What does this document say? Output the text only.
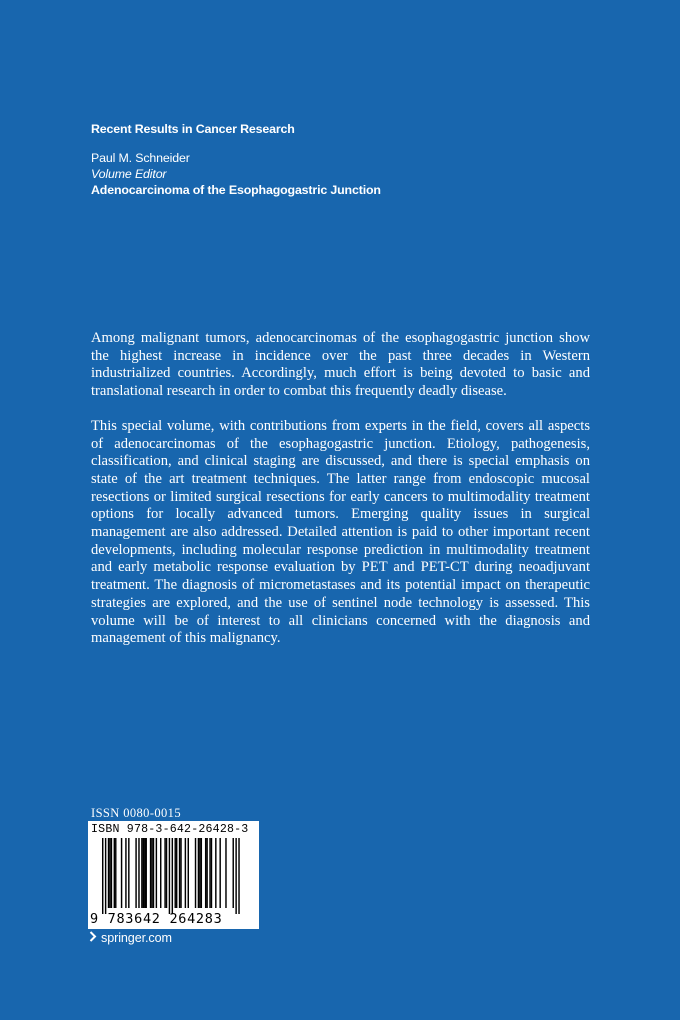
Recent Results in Cancer Research
Paul M. Schneider
Volume Editor
Adenocarcinoma of the Esophagogastric Junction

Among malignant tumors, adenocarcinomas of the esophagogastric junction show the highest increase in incidence over the past three decades in Western industrialized countries. Accordingly, much effort is being devoted to basic and translational research in order to combat this frequently deadly disease.

This special volume, with contributions from experts in the field, covers all aspects of adenocarcinomas of the esophagogastric junction. Etiology, pathogenesis, classification, and clinical staging are discussed, and there is special emphasis on state of the art treatment techniques. The latter range from endoscopic mucosal resections or limited surgical resections for early cancers to multimodality treatment options for locally advanced tumors. Emerging quality issues in surgical management are also addressed. Detailed attention is paid to other important recent developments, including molecular response prediction in multimodality treatment and early metabolic response evaluation by PET and PET-CT during neoadjuvant treatment. The diagnosis of micrometastases and its potential impact on therapeutic strategies are explored, and the use of sentinel node technology is assessed. This volume will be of interest to all clinicians concerned with the diagnosis and management of this malignancy.

ISSN 0080-0015
ISBN 978-3-642-26428-3
9 783642 264283
springer.com
